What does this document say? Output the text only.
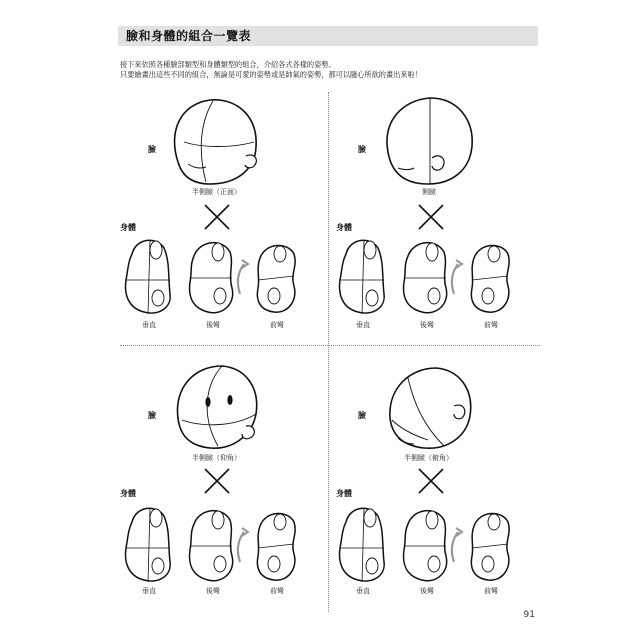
臉和身體的組合一覽表
接下來依照各種臉部類型和身體類型的組合，介紹各式各樣的姿勢。
只要繪畫出這些不同的組合，無論是可愛的姿勢或是帥氣的姿勢，都可以隨心所欲的畫出來啦！
臉
半側臉（正面）
身體
垂直	後彎	前彎
臉
側臉
身體
垂直	後彎	前彎
臉
半側臉（仰角）
身體
垂直	後彎	前彎
臉
半側臉（俯角）
身體
垂直	後彎	前彎
91
